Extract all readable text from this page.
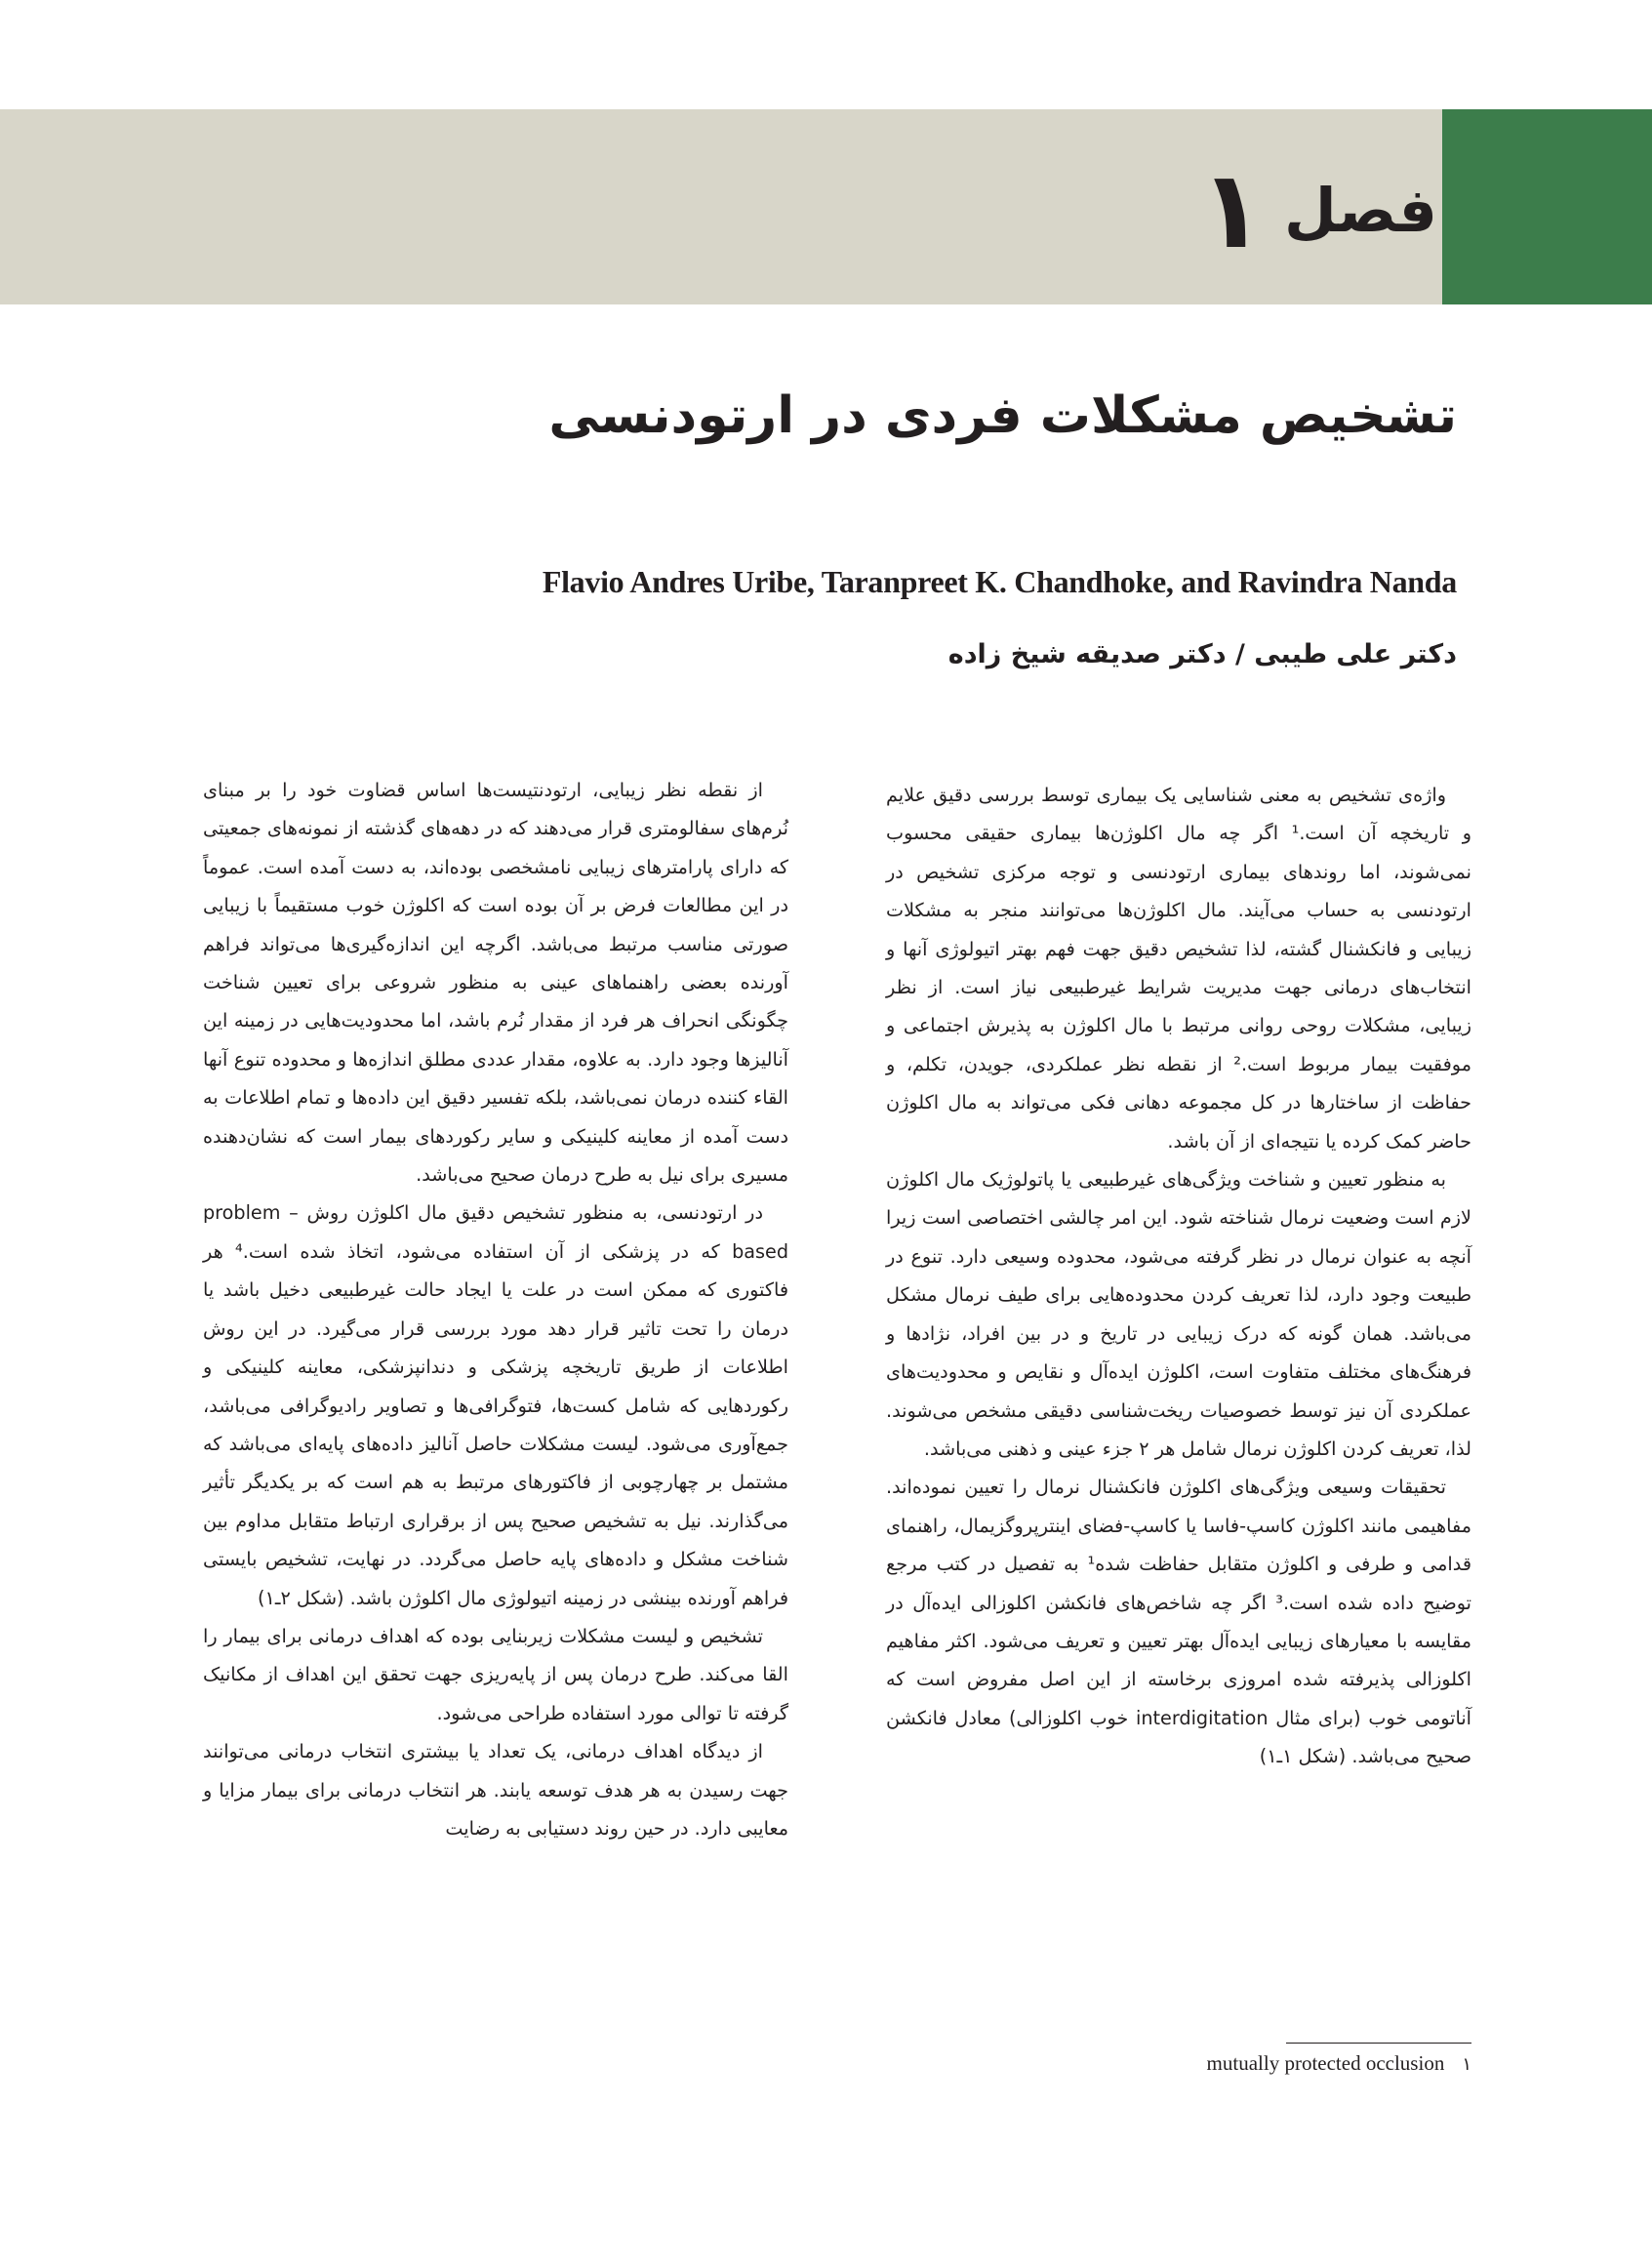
فصل
۱
تشخیص مشکلات فردی در ارتودنسی
Flavio Andres Uribe, Taranpreet K. Chandhoke, and Ravindra Nanda
دکتر علی طیبی / دکتر صدیقه شیخ زاده

واژه‌ی تشخیص به معنی شناسایی یک بیماری توسط بررسی دقیق علایم و تاریخچه آن است.¹ اگر چه مال اکلوژن‌ها بیماری حقیقی محسوب نمی‌شوند، اما روندهای بیماری ارتودنسی و توجه مرکزی تشخیص در ارتودنسی به حساب می‌آیند. مال اکلوژن‌ها می‌توانند منجر به مشکلات زیبایی و فانکشنال گشته، لذا تشخیص دقیق جهت فهم بهتر اتیولوژی آنها و انتخاب‌های درمانی جهت مدیریت شرایط غیرطبیعی نیاز است. از نظر زیبایی، مشکلات روحی روانی مرتبط با مال اکلوژن به پذیرش اجتماعی و موفقیت بیمار مربوط است.² از نقطه نظر عملکردی، جویدن، تکلم، و حفاظت از ساختارها در کل مجموعه دهانی فکی می‌تواند به مال اکلوژن حاضر کمک کرده یا نتیجه‌ای از آن باشد.

به منظور تعیین و شناخت ویژگی‌های غیرطبیعی یا پاتولوژیک مال اکلوژن لازم است وضعیت نرمال شناخته شود. این امر چالشی اختصاصی است زیرا آنچه به عنوان نرمال در نظر گرفته می‌شود، محدوده وسیعی دارد. تنوع در طبیعت وجود دارد، لذا تعریف کردن محدوده‌هایی برای طیف نرمال مشکل می‌باشد. همان گونه که درک زیبایی در تاریخ و در بین افراد، نژادها و فرهنگ‌های مختلف متفاوت است، اکلوژن ایده‌آل و نقایص و محدودیت‌های عملکردی آن نیز توسط خصوصیات ریخت‌شناسی دقیقی مشخص می‌شوند. لذا، تعریف کردن اکلوژن نرمال شامل هر ۲ جزء عینی و ذهنی می‌باشد.

تحقیقات وسیعی ویژگی‌های اکلوژن فانکشنال نرمال را تعیین نموده‌اند. مفاهیمی مانند اکلوژن کاسپ-فاسا یا کاسپ-فضای اینترپروگزیمال، راهنمای قدامی و طرفی و اکلوژن متقابل حفاظت شده¹ به تفصیل در کتب مرجع توضیح داده شده است.³ اگر چه شاخص‌های فانکشن اکلوزالی ایده‌آل در مقایسه با معیارهای زیبایی ایده‌آل بهتر تعیین و تعریف می‌شود. اکثر مفاهیم اکلوزالی پذیرفته شده امروزی برخاسته از این اصل مفروض است که آناتومی خوب (برای مثال interdigitation خوب اکلوزالی) معادل فانکشن صحیح می‌باشد. (شکل ۱ـ۱)

از نقطه نظر زیبایی، ارتودنتیست‌ها اساس قضاوت خود را بر مبنای نُرم‌های سفالومتری قرار می‌دهند که در دهه‌های گذشته از نمونه‌های جمعیتی که دارای پارامترهای زیبایی نامشخصی بوده‌اند، به دست آمده است. عموماً در این مطالعات فرض بر آن بوده است که اکلوژن خوب مستقیماً با زیبایی صورتی مناسب مرتبط می‌باشد. اگرچه این اندازه‌گیری‌ها می‌تواند فراهم آورنده بعضی راهنماهای عینی به منظور شروعی برای تعیین شناخت چگونگی انحراف هر فرد از مقدار نُرم باشد، اما محدودیت‌هایی در زمینه این آنالیزها وجود دارد. به علاوه، مقدار عددی مطلق اندازه‌ها و محدوده تنوع آنها القاء کننده درمان نمی‌باشد، بلکه تفسیر دقیق این داده‌ها و تمام اطلاعات به دست آمده از معاینه کلینیکی و سایر رکوردهای بیمار است که نشان‌دهنده مسیری برای نیل به طرح درمان صحیح می‌باشد.

در ارتودنسی، به منظور تشخیص دقیق مال اکلوژن روش problem – based که در پزشکی از آن استفاده می‌شود، اتخاذ شده است.⁴ هر فاکتوری که ممکن است در علت یا ایجاد حالت غیرطبیعی دخیل باشد یا درمان را تحت تاثیر قرار دهد مورد بررسی قرار می‌گیرد. در این روش اطلاعات از طریق تاریخچه پزشکی و دندانپزشکی، معاینه کلینیکی و رکوردهایی که شامل کست‌ها، فتوگرافی‌ها و تصاویر رادیوگرافی می‌باشد، جمع‌آوری می‌شود. لیست مشکلات حاصل آنالیز داده‌های پایه‌ای می‌باشد که مشتمل بر چهارچوبی از فاکتورهای مرتبط به هم است که بر یکدیگر تأثیر می‌گذارند. نیل به تشخیص صحیح پس از برقراری ارتباط متقابل مداوم بین شناخت مشکل و داده‌های پایه حاصل می‌گردد. در نهایت، تشخیص بایستی فراهم آورنده بینشی در زمینه اتیولوژی مال اکلوژن باشد. (شکل ۲ـ۱)

تشخیص و لیست مشکلات زیربنایی بوده که اهداف درمانی برای بیمار را القا می‌کند. طرح درمان پس از پایه‌ریزی جهت تحقق این اهداف از مکانیک گرفته تا توالی مورد استفاده طراحی می‌شود.

از دیدگاه اهداف درمانی، یک تعداد یا بیشتری انتخاب درمانی می‌توانند جهت رسیدن به هر هدف توسعه یابند. هر انتخاب درمانی برای بیمار مزایا و معایبی دارد. در حین روند دستیابی به رضایت

۱
mutually protected occlusion
